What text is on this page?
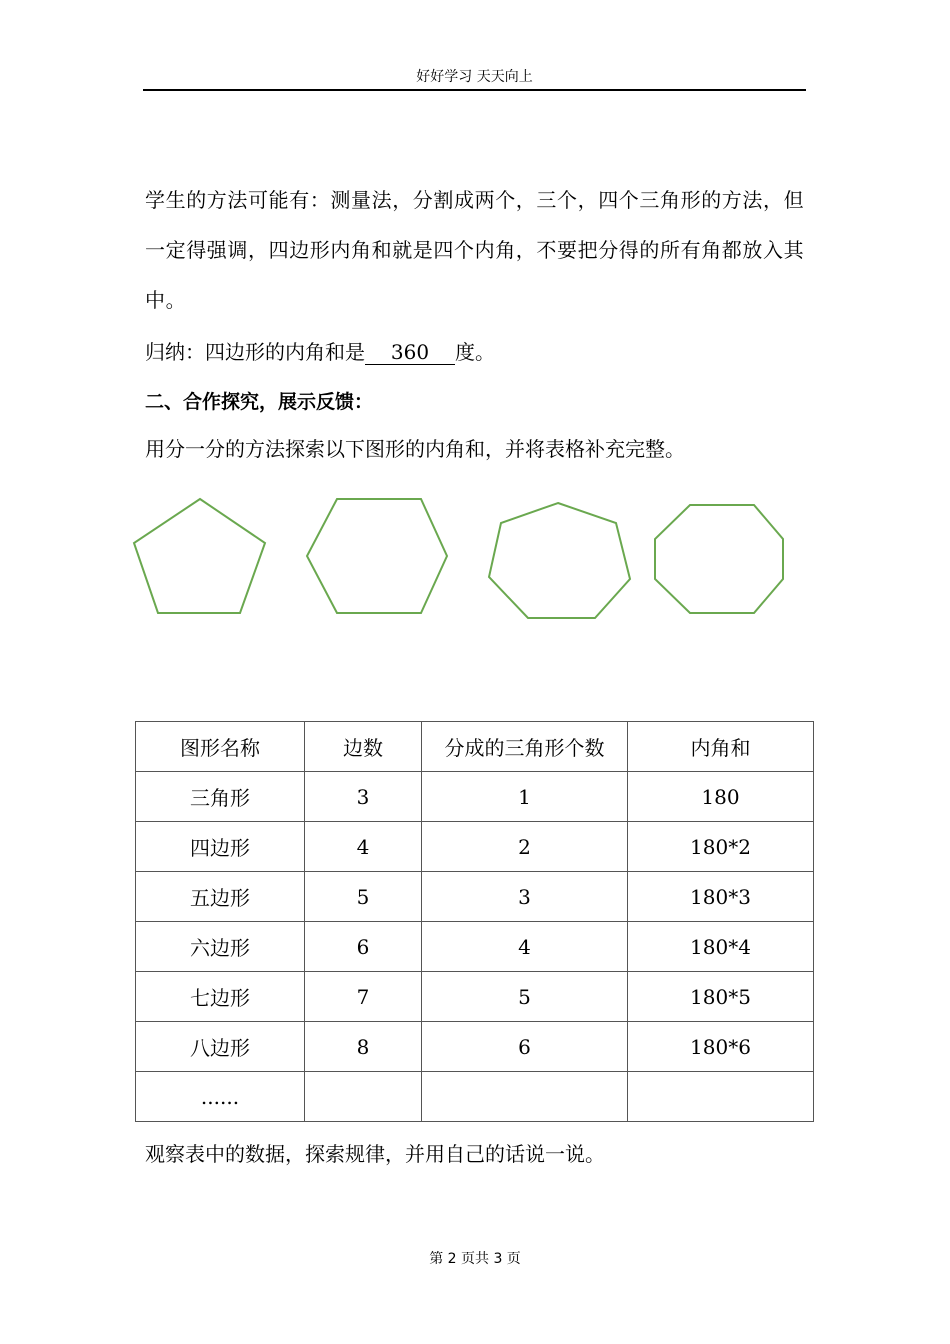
好好学习 天天向上
学生的方法可能有：测量法，分割成两个，三个，四个三角形的方法，但一定得强调，四边形内角和就是四个内角，不要把分得的所有角都放入其中。
归纳：四边形的内角和是 360 度。
二、合作探究，展示反馈：
用分一分的方法探索以下图形的内角和，并将表格补充完整。
图形名称	边数	分成的三角形个数	内角和
三角形	3	1	180
四边形	4	2	180*2
五边形	5	3	180*3
六边形	6	4	180*4
七边形	7	5	180*5
八边形	8	6	180*6
......			
观察表中的数据，探索规律，并用自己的话说一说。
第 2 页共 3 页
